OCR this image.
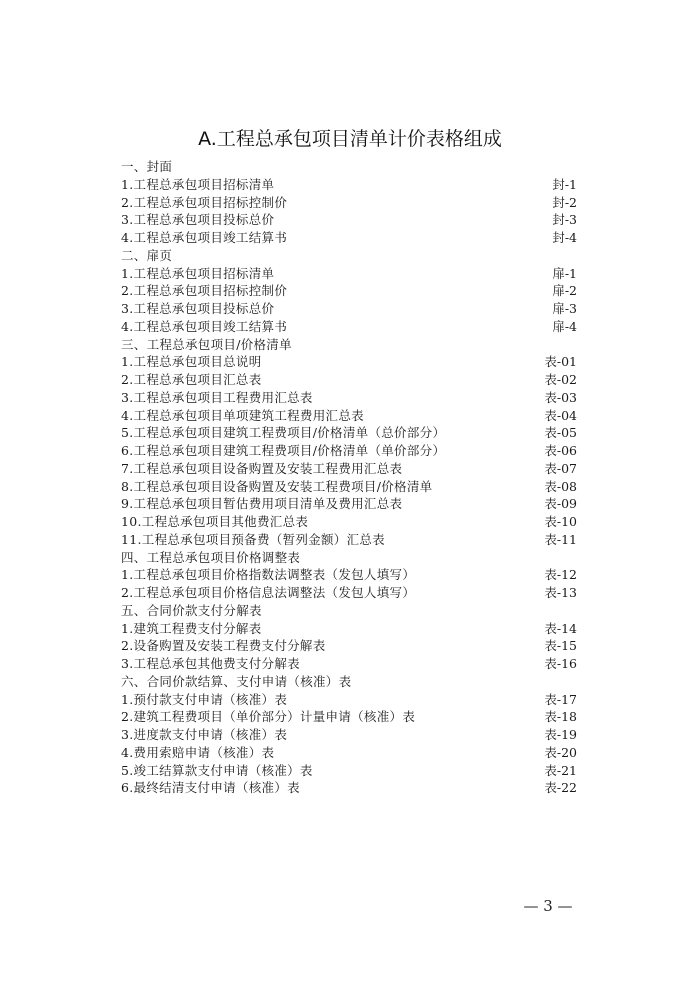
A.工程总承包项目清单计价表格组成
一、封面
1.工程总承包项目招标清单	封-1
2.工程总承包项目招标控制价	封-2
3.工程总承包项目投标总价	封-3
4.工程总承包项目竣工结算书	封-4
二、扉页
1.工程总承包项目招标清单	扉-1
2.工程总承包项目招标控制价	扉-2
3.工程总承包项目投标总价	扉-3
4.工程总承包项目竣工结算书	扉-4
三、工程总承包项目/价格清单
1.工程总承包项目总说明	表-01
2.工程总承包项目汇总表	表-02
3.工程总承包项目工程费用汇总表	表-03
4.工程总承包项目单项建筑工程费用汇总表	表-04
5.工程总承包项目建筑工程费项目/价格清单（总价部分）	表-05
6.工程总承包项目建筑工程费项目/价格清单（单价部分）	表-06
7.工程总承包项目设备购置及安装工程费用汇总表	表-07
8.工程总承包项目设备购置及安装工程费项目/价格清单	表-08
9.工程总承包项目暂估费用项目清单及费用汇总表	表-09
10.工程总承包项目其他费汇总表	表-10
11.工程总承包项目预备费（暂列金额）汇总表	表-11
四、工程总承包项目价格调整表
1.工程总承包项目价格指数法调整表（发包人填写）	表-12
2.工程总承包项目价格信息法调整法（发包人填写）	表-13
五、合同价款支付分解表
1.建筑工程费支付分解表	表-14
2.设备购置及安装工程费支付分解表	表-15
3.工程总承包其他费支付分解表	表-16
六、合同价款结算、支付申请（核准）表
1.预付款支付申请（核准）表	表-17
2.建筑工程费项目（单价部分）计量申请（核准）表	表-18
3.进度款支付申请（核准）表	表-19
4.费用索赔申请（核准）表	表-20
5.竣工结算款支付申请（核准）表	表-21
6.最终结清支付申请（核准）表	表-22
— 3 —
